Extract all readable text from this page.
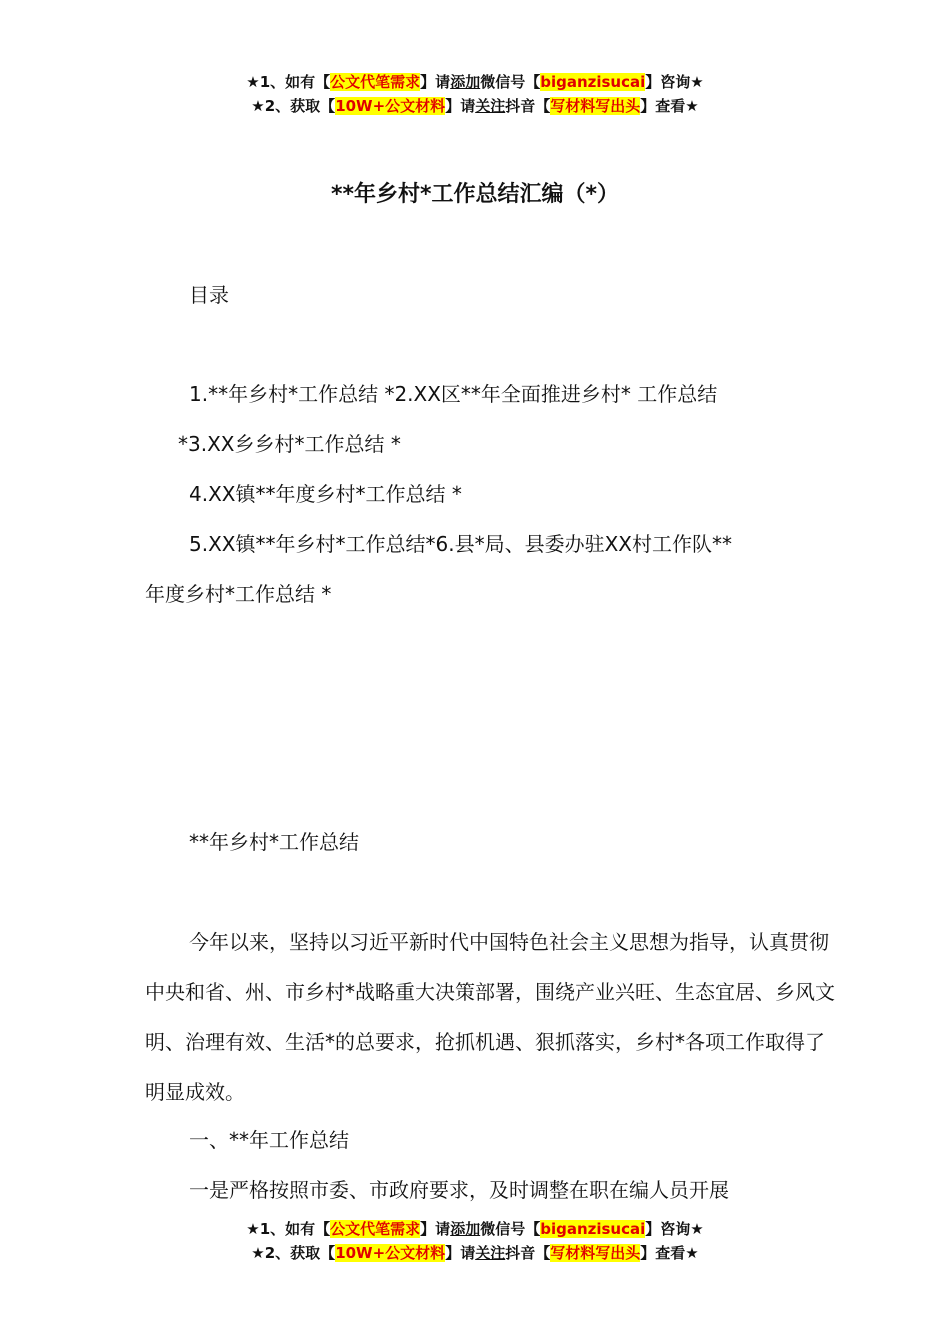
★1、如有【公文代笔需求】请添加微信号【biganzisucai】咨询★
★2、获取【10W+公文材料】请关注抖音【写材料写出头】查看★
**年乡村*工作总结汇编（*）
目录
1.**年乡村*工作总结 *2.XX区**年全面推进乡村* 工作总结
*3.XX乡乡村*工作总结 *
4.XX镇**年度乡村*工作总结 *
5.XX镇**年乡村*工作总结*6.县*局、县委办驻XX村工作队**
年度乡村*工作总结 *
**年乡村*工作总结

今年以来，坚持以习近平新时代中国特色社会主义思想为指导，认真贯彻中央和省、州、市乡村*战略重大决策部署，围绕产业兴旺、生态宜居、乡风文明、治理有效、生活*的总要求，抢抓机遇、狠抓落实，乡村*各项工作取得了明显成效。

一、**年工作总结
一是严格按照市委、市政府要求，及时调整在职在编人员开展
★1、如有【公文代笔需求】请添加微信号【biganzisucai】咨询★
★2、获取【10W+公文材料】请关注抖音【写材料写出头】查看★
